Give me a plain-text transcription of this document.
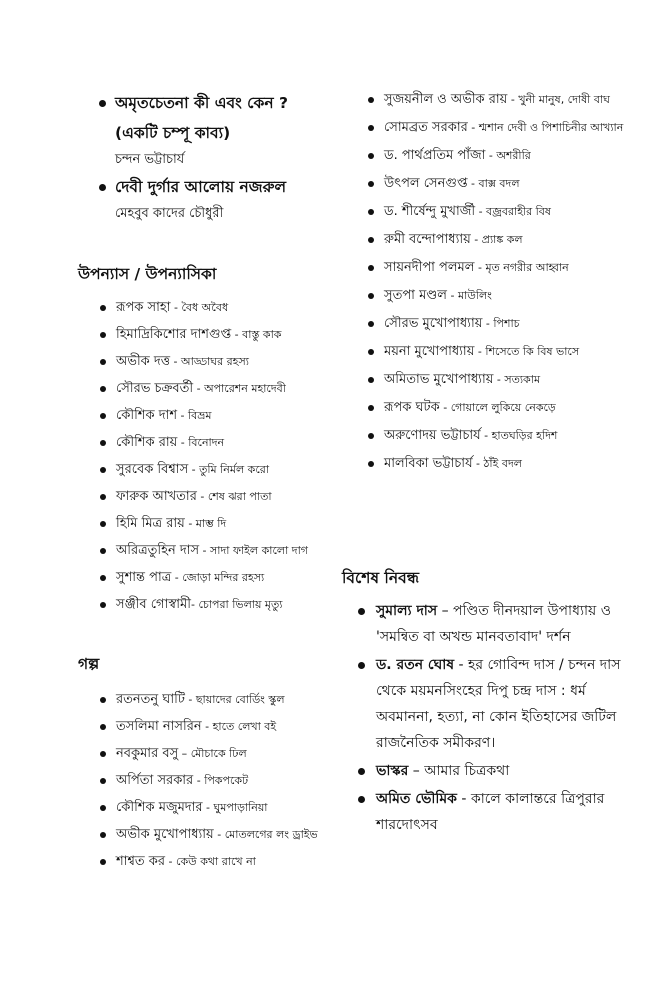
অমৃতচেতনা কী এবং কেন ? (একটি চম্পূ কাব্য)
চন্দন ভট্টাচার্য
দেবী দুর্গার আলোয় নজরুল
মেহবুব কাদের চৌধুরী
উপন্যাস / উপন্যাসিকা
রূপক সাহা - বৈধ অবৈধ
হিমাদ্রিকিশোর দাশগুপ্ত - বাস্তু কাক
অভীক দত্ত - আড্ডাঘর রহস্য
সৌরভ চক্রবর্তী - অপারেশন মহাদেবী
কৌশিক দাশ - বিভ্রম
কৌশিক রায় - বিনোদন
সুরবেক বিশ্বাস - তুমি নির্মল করো
ফারুক আখতার - শেষ ঝরা পাতা
হিমি মিত্র রায় - মাম্ভ দি
অরিত্রতুহিন দাস - সাদা ফাইল কালো দাগ
সুশান্ত পাত্র - জোড়া মন্দির রহস্য
সঞ্জীব গোস্বামী- চোপরা ভিলায় মৃত্যু
গল্প
রতনতনু ঘাটি - ছায়াদের বোর্ডিং স্কুল
তসলিমা নাসরিন - হাতে লেখা বই
নবকুমার বসু – মৌচাকে ঢিল
অর্পিতা সরকার - পিকপকেট
কৌশিক মজুমদার - ঘুমপাড়ানিয়া
অভীক মুখোপাধ্যায় - মোতলগের লং ড্রাইভ
শাশ্বত কর - কেউ কথা রাখে না
সুজয়নীল ও অভীক রায় - খুনী মানুষ, দোষী বাঘ
সোমব্রত সরকার - শ্মশান দেবী ও পিশাচিনীর আখ্যান
ড. পার্থপ্রতিম পাঁজা - অশরীরি
উৎপল সেনগুপ্ত - বাক্স বদল
ড. শীর্ষেন্দু মুখার্জী - বজ্রবরাহীর বিষ
রুমী বন্দোপাধ্যায় - প্র্যাঙ্ক কল
সায়নদীপা পলমল - মৃত নগরীর আহ্বান
সুতপা মণ্ডল - মাউলিং
সৌরভ মুখোপাধ্যায় - পিশাচ
ময়না মুখোপাধ্যায় - শিসেতে কি বিষ ভাসে
অমিতাভ মুখোপাধ্যায় - সত্যকাম
রূপক ঘটক - গোয়ালে লুকিয়ে নেকড়ে
অরুণোদয় ভট্টাচার্য - হাতঘড়ির হদিশ
মালবিকা ভট্টাচার্য - ঠাঁই বদল
বিশেষ নিবন্ধ
সুমাল্য দাস – পণ্ডিত দীনদয়াল উপাধ্যায় ও 'সমন্বিত বা অখন্ড মানবতাবাদ' দর্শন
ড. রতন ঘোষ - হর গোবিন্দ দাস / চন্দন দাস থেকে ময়মনসিংহের দিপু চন্দ্র দাস : ধর্ম অবমাননা, হত্যা, না কোন ইতিহাসের জটিল রাজনৈতিক সমীকরণ।
ভাস্কর – আমার চিত্রকথা
অমিত ভৌমিক - কালে কালান্তরে ত্রিপুরার শারদোৎসব
